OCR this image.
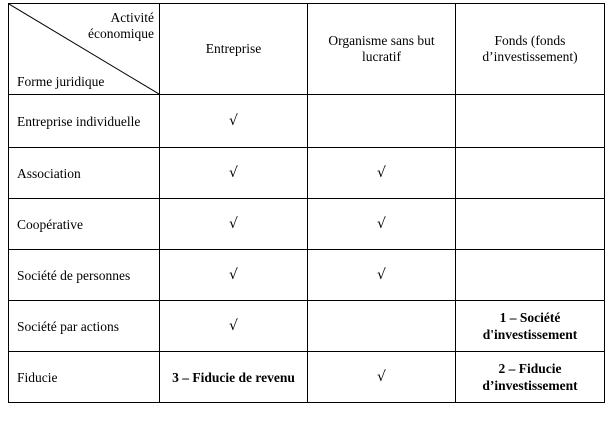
Activité économique
Forme juridique	Entreprise	Organisme sans but lucratif	Fonds (fonds d’investissement)
Entreprise individuelle	√		
Association	√	√	
Coopérative	√	√	
Société de personnes	√	√	
Société par actions	√		1 – Société d'investissement
Fiducie	3 – Fiducie de revenu	√	2 – Fiducie d’investissement
